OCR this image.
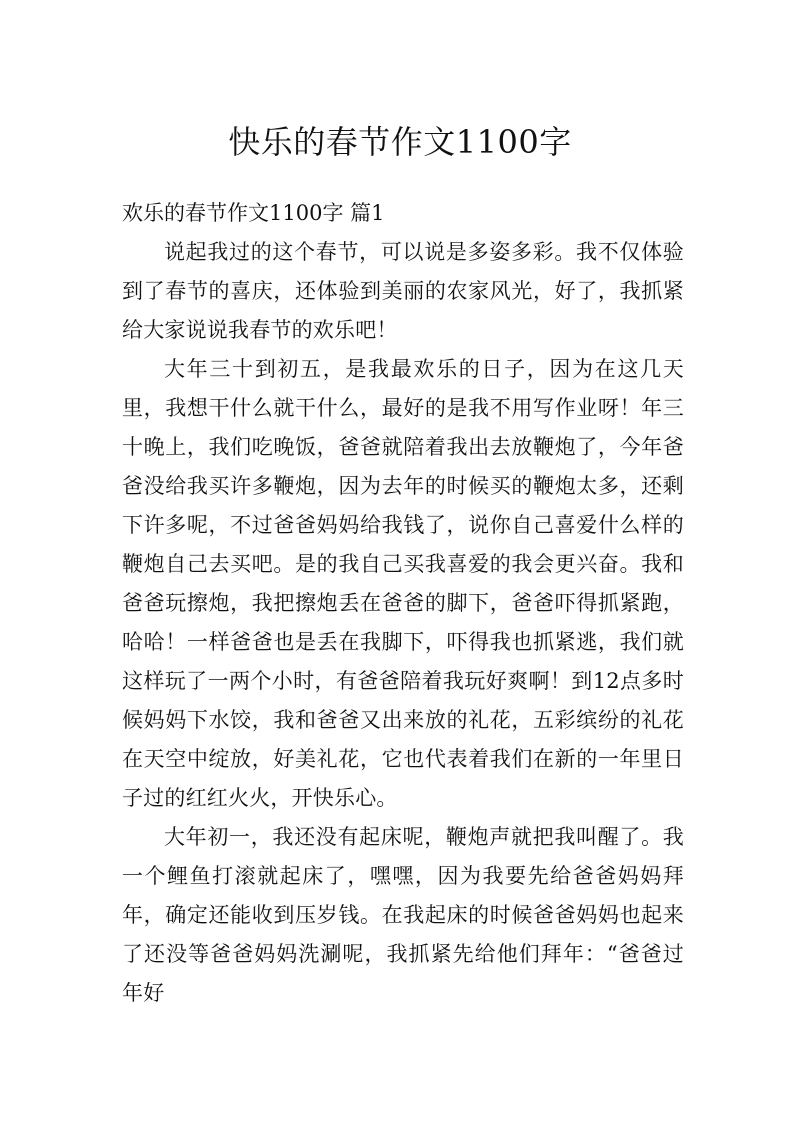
快乐的春节作文1100字

欢乐的春节作文1100字 篇1

说起我过的这个春节，可以说是多姿多彩。我不仅体验到了春节的喜庆，还体验到美丽的农家风光，好了，我抓紧给大家说说我春节的欢乐吧！

大年三十到初五，是我最欢乐的日子，因为在这几天里，我想干什么就干什么，最好的是我不用写作业呀！年三十晚上，我们吃晚饭，爸爸就陪着我出去放鞭炮了，今年爸爸没给我买许多鞭炮，因为去年的时候买的鞭炮太多，还剩下许多呢，不过爸爸妈妈给我钱了，说你自己喜爱什么样的鞭炮自己去买吧。是的我自己买我喜爱的我会更兴奋。我和爸爸玩擦炮，我把擦炮丢在爸爸的脚下，爸爸吓得抓紧跑，哈哈！一样爸爸也是丢在我脚下，吓得我也抓紧逃，我们就这样玩了一两个小时，有爸爸陪着我玩好爽啊！到12点多时候妈妈下水饺，我和爸爸又出来放的礼花，五彩缤纷的礼花在天空中绽放，好美礼花，它也代表着我们在新的一年里日子过的红红火火，开快乐心。

大年初一，我还没有起床呢，鞭炮声就把我叫醒了。我一个鲤鱼打滚就起床了，嘿嘿，因为我要先给爸爸妈妈拜年，确定还能收到压岁钱。在我起床的时候爸爸妈妈也起来了还没等爸爸妈妈洗涮呢，我抓紧先给他们拜年：“爸爸过年好
